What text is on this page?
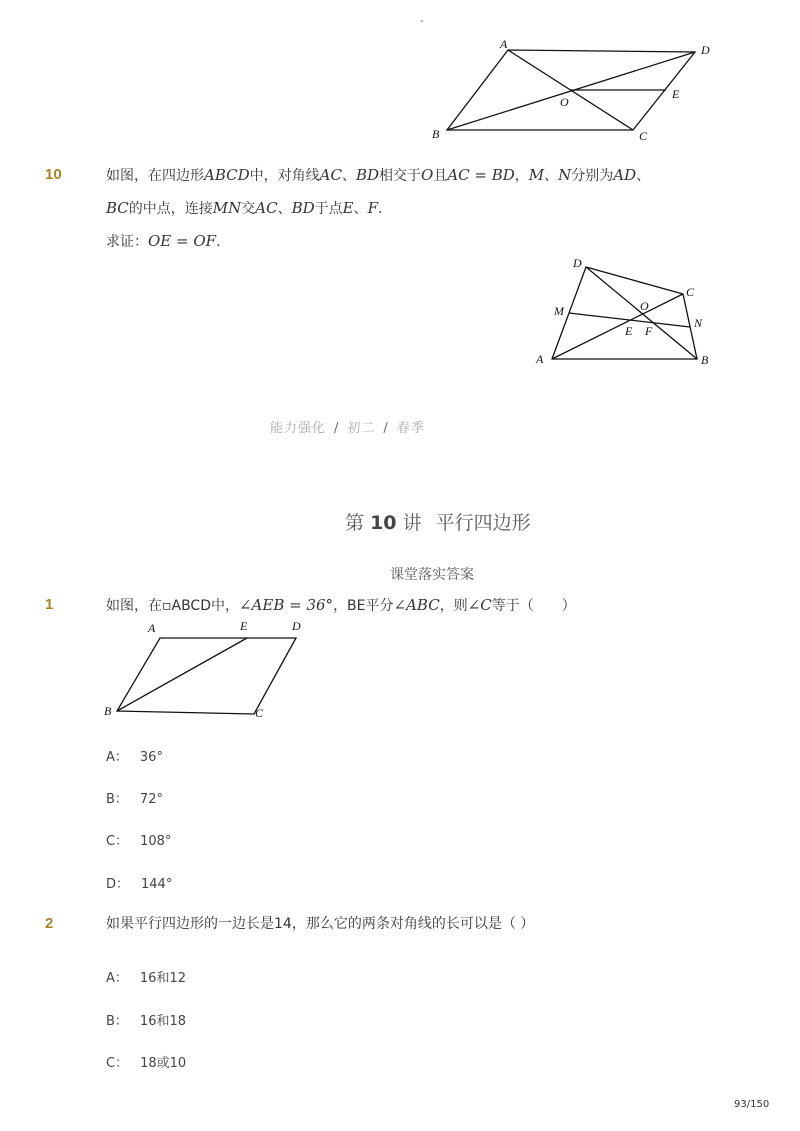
-
A	D
O
E
B	C
10	如图，在四边形ABCD中，对角线AC、BD相交于O且AC = BD，M、N分别为AD、
BC的中点，连接MN交AC、BD于点E、F.
求证：OE = OF.
D
C
M	O
N
E F
A	B
能力强化 / 初二 / 春季
第 10 讲 平行四边形
课堂落实答案
1	如图，在▫ABCD中，∠AEB = 36°，BE平分∠ABC，则∠C等于（　　）
A	E	D
B	C
A： 36°
B： 72°
C： 108°
D： 144°
2	如果平行四边形的一边长是14，那么它的两条对角线的长可以是（ ）
A： 16和12
B： 16和18
C： 18或10
93/150
